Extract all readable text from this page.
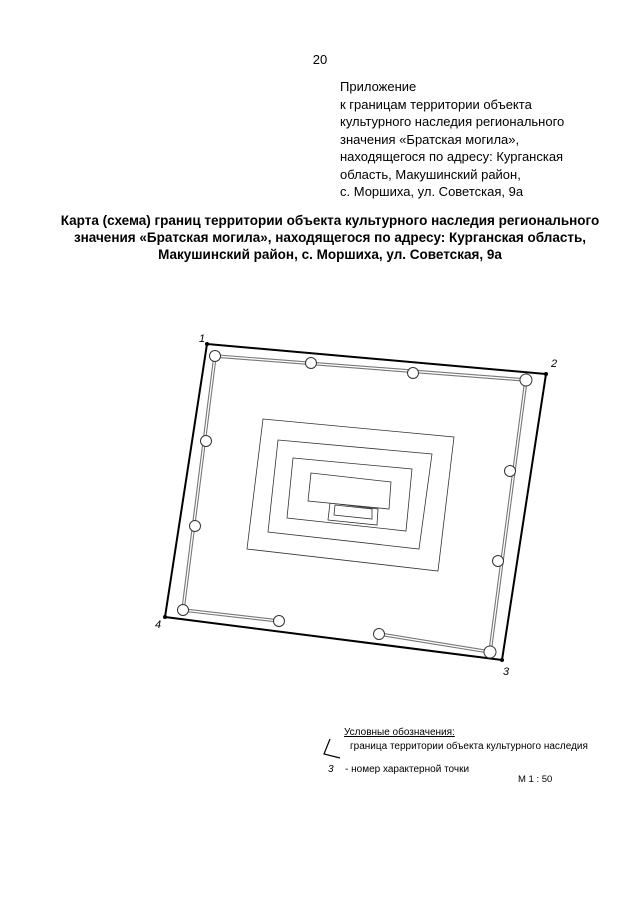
20
Приложение
к границам территории объекта
культурного наследия регионального
значения «Братская могила»,
находящегося по адресу: Курганская
область, Макушинский район,
с. Моршиха, ул. Советская, 9а
Карта (схема) границ территории объекта культурного наследия регионального
значения «Братская могила», находящегося по адресу: Курганская область,
Макушинский район, с. Моршиха, ул. Советская, 9а
1
2
3
4
Условные обозначения:
граница территории объекта культурного наследия
3 - номер характерной точки
М 1 : 50
